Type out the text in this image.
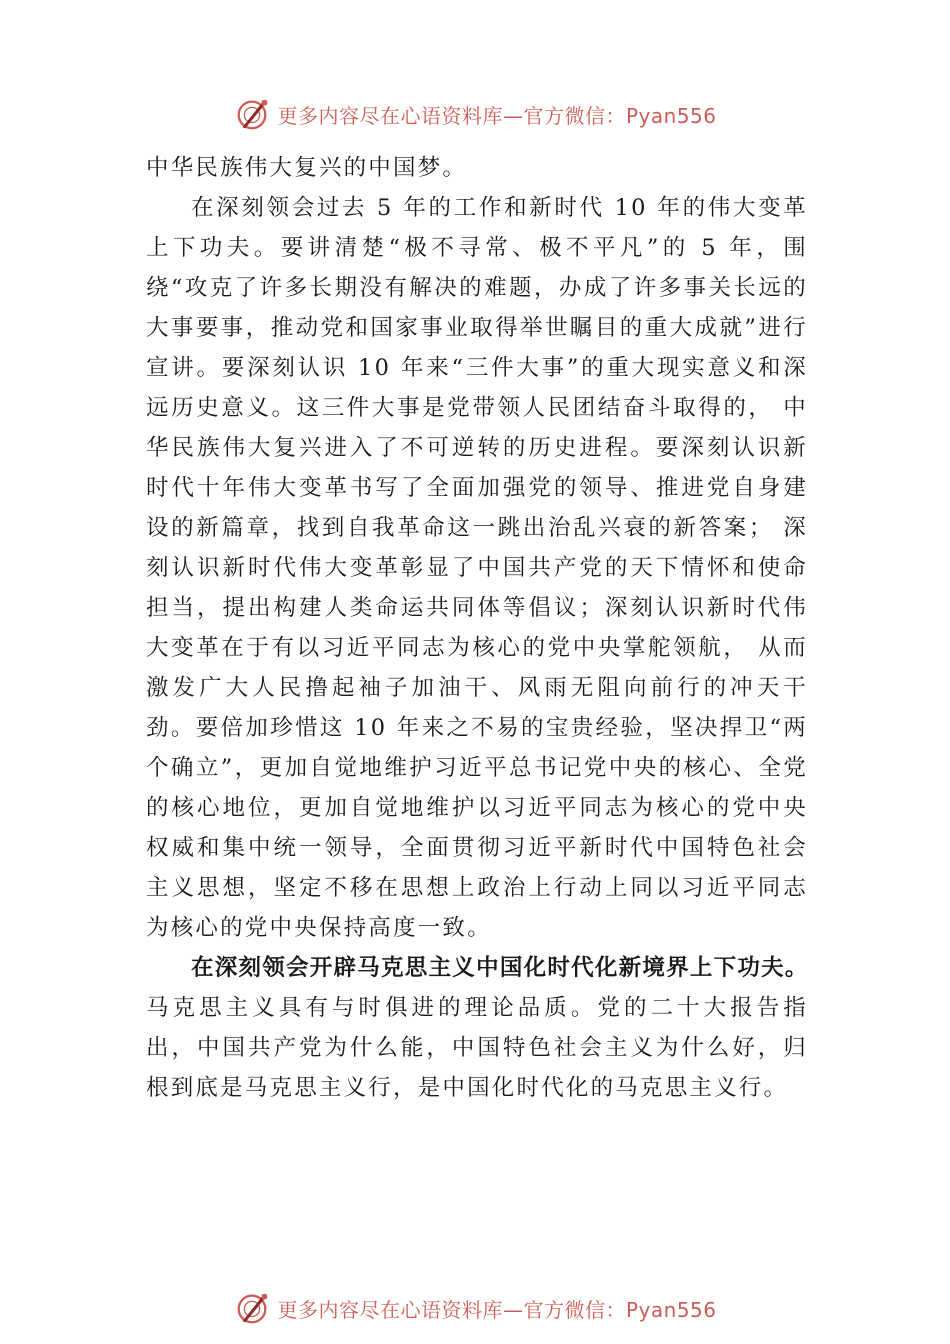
更多内容尽在心语资料库—官方微信：Pyan556

中华民族伟大复兴的中国梦。

在深刻领会过去 5 年的工作和新时代 10 年的伟大变革上下功夫。要讲清楚“极不寻常、极不平凡”的 5 年，围绕“攻克了许多长期没有解决的难题，办成了许多事关长远的大事要事，推动党和国家事业取得举世瞩目的重大成就”进行宣讲。要深刻认识 10 年来“三件大事”的重大现实意义和深远历史意义。这三件大事是党带领人民团结奋斗取得的， 中华民族伟大复兴进入了不可逆转的历史进程。要深刻认识新时代十年伟大变革书写了全面加强党的领导、推进党自身建设的新篇章，找到自我革命这一跳出治乱兴衰的新答案； 深刻认识新时代伟大变革彰显了中国共产党的天下情怀和使命担当，提出构建人类命运共同体等倡议；深刻认识新时代伟大变革在于有以习近平同志为核心的党中央掌舵领航， 从而激发广大人民撸起袖子加油干、风雨无阻向前行的冲天干劲。要倍加珍惜这 10 年来之不易的宝贵经验，坚决捍卫“两个确立”，更加自觉地维护习近平总书记党中央的核心、全党的核心地位，更加自觉地维护以习近平同志为核心的党中央权威和集中统一领导，全面贯彻习近平新时代中国特色社会主义思想，坚定不移在思想上政治上行动上同以习近平同志为核心的党中央保持高度一致。

在深刻领会开辟马克思主义中国化时代化新境界上下功夫。马克思主义具有与时俱进的理论品质。党的二十大报告指出，中国共产党为什么能，中国特色社会主义为什么好，归根到底是马克思主义行，是中国化时代化的马克思主义行。

更多内容尽在心语资料库—官方微信：Pyan556
